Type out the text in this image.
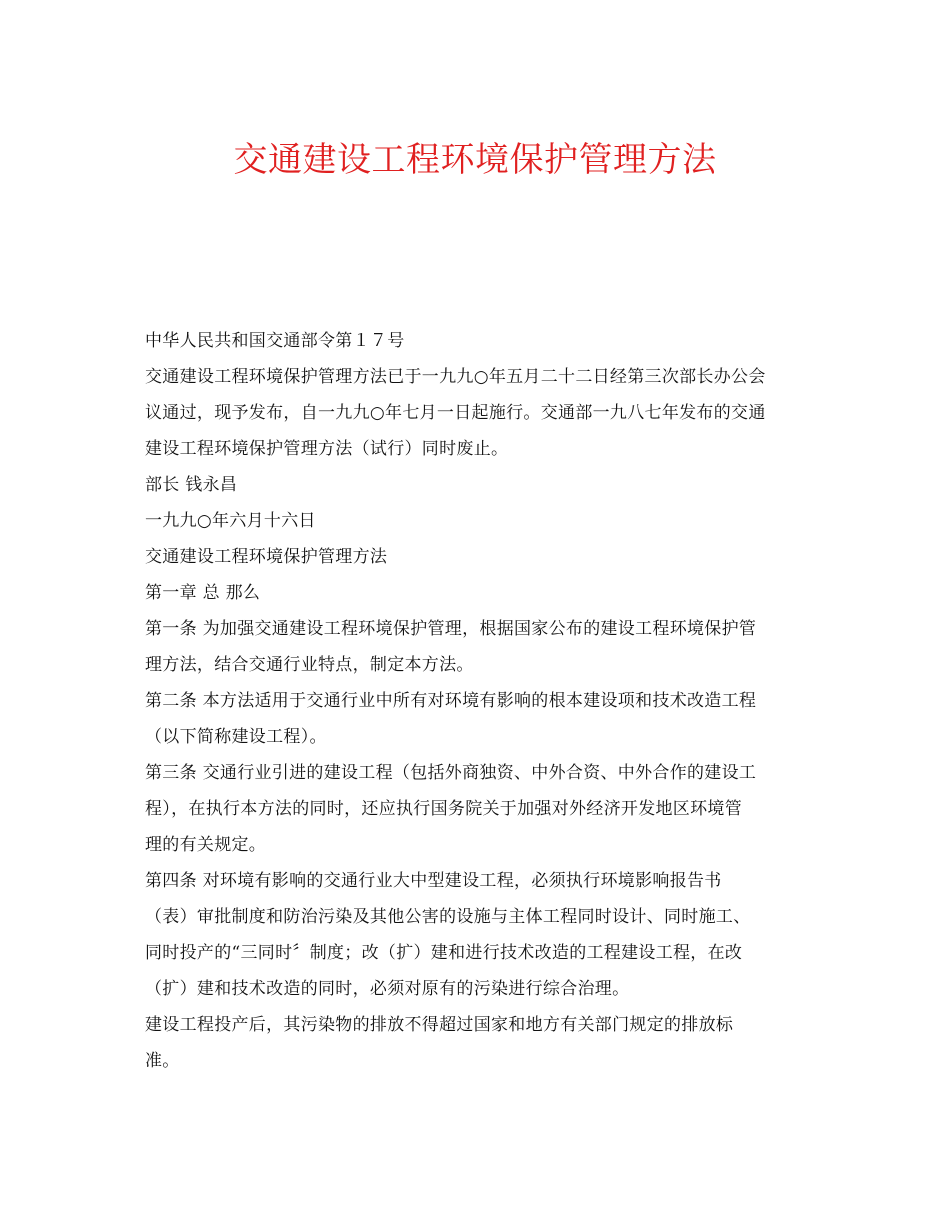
交通建设工程环境保护管理方法

中华人民共和国交通部令第１７号

交通建设工程环境保护管理方法已于一九九○年五月二十二日经第三次部长办公会

议通过，现予发布，自一九九○年七月一日起施行。交通部一九八七年发布的交通

建设工程环境保护管理方法（试行）同时废止。

部长 钱永昌

一九九○年六月十六日

交通建设工程环境保护管理方法

第一章 总 那么

第一条 为加强交通建设工程环境保护管理，根据国家公布的建设工程环境保护管

理方法，结合交通行业特点，制定本方法。

第二条 本方法适用于交通行业中所有对环境有影响的根本建设项和技术改造工程

（以下简称建设工程）。

第三条 交通行业引进的建设工程（包括外商独资、中外合资、中外合作的建设工

程），在执行本方法的同时，还应执行国务院关于加强对外经济开发地区环境管

理的有关规定。

第四条 对环境有影响的交通行业大中型建设工程，必须执行环境影响报告书

（表）审批制度和防治污染及其他公害的设施与主体工程同时设计、同时施工、

同时投产的“三同时〞制度；改（扩）建和进行技术改造的工程建设工程，在改

（扩）建和技术改造的同时，必须对原有的污染进行综合治理。

建设工程投产后，其污染物的排放不得超过国家和地方有关部门规定的排放标

准。
